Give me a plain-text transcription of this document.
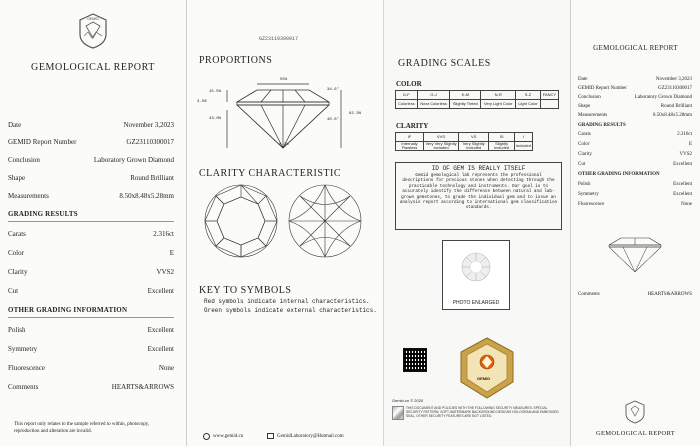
GEMID
GEMOLOGICAL REPORT
Date	November 3,2023
GEMID Report Number	GZ23110300017
Conclusion	Laboratory Grown Diamond
Shape	Round Brilliant
Measurements	8.50x8.48x5.28mm
GRADING RESULTS
Carats	2.316ct
Color	E
Clarity	VVS2
Cut	Excellent
OTHER GRADING INFORMATION
Polish	Excellent
Symmetry	Excellent
Fluorescence	None
Comments	HEARTS&ARROWS
This report only relates to the sample referred to within, photocopy, reproduction and alteration are invalid.
GZ23110300017
PROPORTIONS
55%
34.6°
15.5%
3.5%
43.0%
62.3%
40.8°
0.3%
CLARITY CHARACTERISTIC
KEY TO SYMBOLS
Red symbols indicate internal characteristics.
Green symbols indicate external characteristics.
www.gemid.cn	GemidLaboratory@Hotmail.com
GRADING SCALES
COLOR
D-F	G-J	K-M	N-R	S-Z	FANCY
Colorless	Near Colorless	Slightly Tinted	Very Light Color	Light Color	
CLARITY
IF	VVS	VS	SI	I
Internally Flawless	Very Very Slightly Included	Very Slightly Included	Slightly Included	Included
ID OF GEM IS REALLY ITSELF
Gemid gemological lab represents the professional descriptions for precious stones when detecting through the practicable technology and instruments. Our goal is to accurately identify the difference between natural and lab-grown gemstones, to grade the individual gem and to issue an analysis report according to international gem classification standards.
PHOTO ENLARGED
GEMID
Gemid.cn © 2020
THIS DOCUMENT AND POLICIES WITH THE FOLLOWING SECURITY MEASURES: SPECIAL SECURITY PATTERN, SOFT-WATERMARK BACKGROUND DESIGNS HOLOGRAM AND EMBOSSED SEAL, OTHER SECURITY FEATURES ARE NOT LISTED.
GEMOLOGICAL REPORT
Date	November 3,2023
GEMID Report Number	GZ23110300017
Conclusion	Laboratory Grown Diamond
Shape	Round Brilliant
Measurements	8.50x8.48x5.28mm
GRADING RESULTS
Carats	2.316ct
Color	E
Clarity	VVS2
Cut	Excellent
OTHER GRADING INFORMATION
Polish	Excellent
Symmetry	Excellent
Fluorescence	None
Comments	HEARTS&ARROWS
GEMOLOGICAL REPORT
